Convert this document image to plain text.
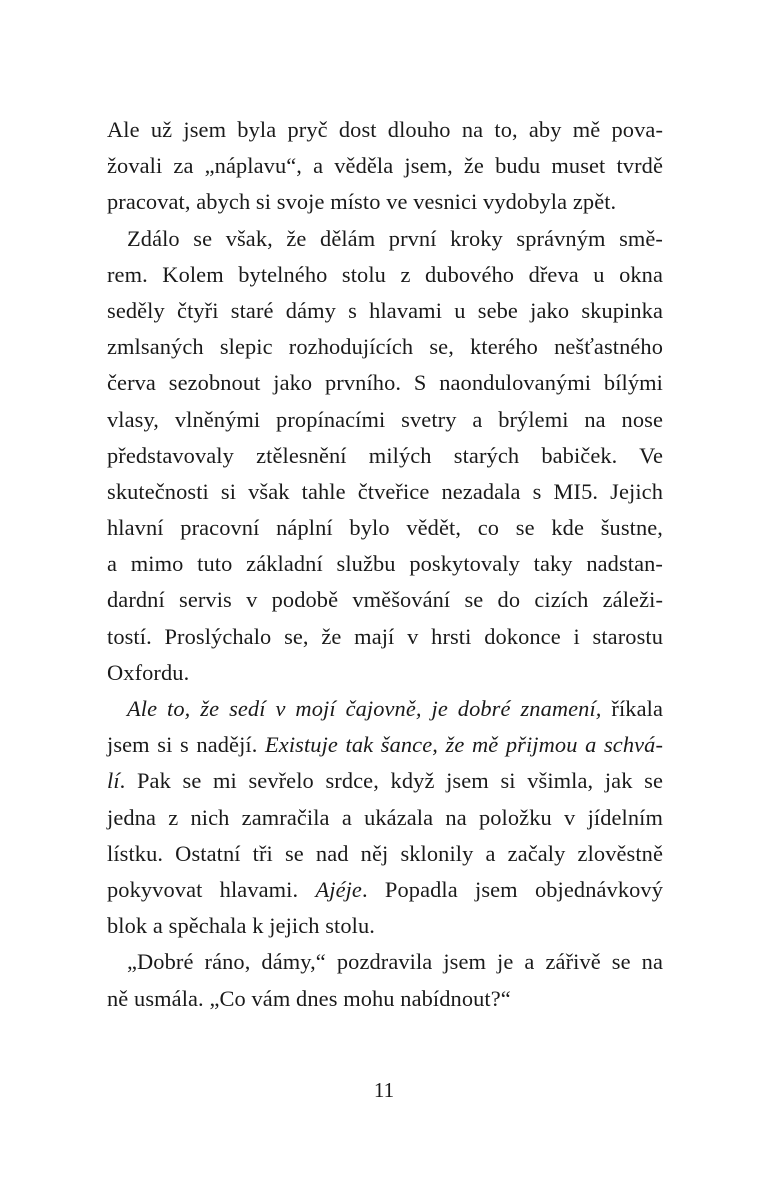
Ale už jsem byla pryč dost dlouho na to, aby mě pova-
žovali za „náplavu“, a věděla jsem, že budu muset tvrdě
pracovat, abych si svoje místo ve vesnici vydobyla zpět.
Zdálo se však, že dělám první kroky správným smě-
rem. Kolem bytelného stolu z dubového dřeva u okna
seděly čtyři staré dámy s hlavami u sebe jako skupinka
zmlsaných slepic rozhodujících se, kterého nešťastného
červa sezobnout jako prvního. S naondulovanými bílými
vlasy, vlněnými propínacími svetry a brýlemi na nose
představovaly ztělesnění milých starých babiček. Ve
skutečnosti si však tahle čtveřice nezadala s MI5. Jejich
hlavní pracovní náplní bylo vědět, co se kde šustne,
a mimo tuto základní službu poskytovaly taky nadstan-
dardní servis v podobě vměšování se do cizích záleži-
tostí. Proslýchalo se, že mají v hrsti dokonce i starostu
Oxfordu.
Ale to, že sedí v mojí čajovně, je dobré znamení, říkala
jsem si s nadějí. Existuje tak šance, že mě přijmou a schvá-
lí. Pak se mi sevřelo srdce, když jsem si všimla, jak se
jedna z nich zamračila a ukázala na položku v jídelním
lístku. Ostatní tři se nad něj sklonily a začaly zlověstně
pokyvovat hlavami. Ajéje. Popadla jsem objednávkový
blok a spěchala k jejich stolu.
„Dobré ráno, dámy,“ pozdravila jsem je a zářivě se na
ně usmála. „Co vám dnes mohu nabídnout?“
11
